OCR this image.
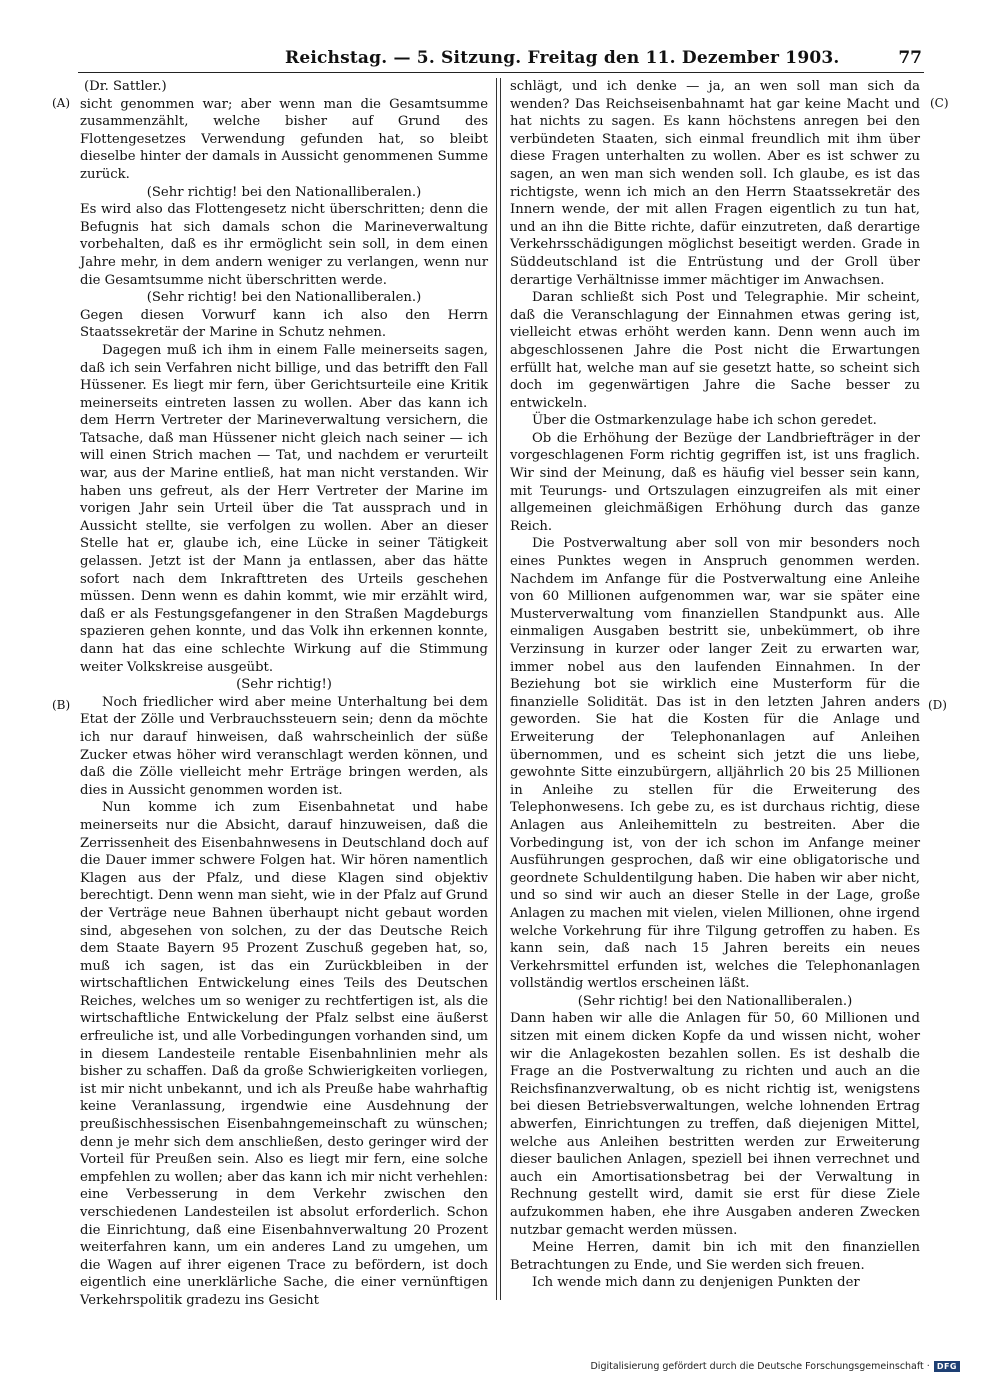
Reichstag. — 5. Sitzung. Freitag den 11. Dezember 1903.	77
(A)
(B)
(C)
(D)

(Dr. Sattler.)

sicht genommen war; aber wenn man die Gesamtsumme zusammenzählt, welche bisher auf Grund des Flottengesetzes Verwendung gefunden hat, so bleibt dieselbe hinter der damals in Aussicht genommenen Summe zurück.

(Sehr richtig! bei den Nationalliberalen.)

Es wird also das Flottengesetz nicht überschritten; denn die Befugnis hat sich damals schon die Marineverwaltung vorbehalten, daß es ihr ermöglicht sein soll, in dem einen Jahre mehr, in dem andern weniger zu verlangen, wenn nur die Gesamtsumme nicht überschritten werde.

(Sehr richtig! bei den Nationalliberalen.)

Gegen diesen Vorwurf kann ich also den Herrn Staatssekretär der Marine in Schutz nehmen.

Dagegen muß ich ihm in einem Falle meinerseits sagen, daß ich sein Verfahren nicht billige, und das betrifft den Fall Hüssener. Es liegt mir fern, über Gerichtsurteile eine Kritik meinerseits eintreten lassen zu wollen. Aber das kann ich dem Herrn Vertreter der Marineverwaltung versichern, die Tatsache, daß man Hüssener nicht gleich nach seiner — ich will einen Strich machen — Tat, und nachdem er verurteilt war, aus der Marine entließ, hat man nicht verstanden. Wir haben uns gefreut, als der Herr Vertreter der Marine im vorigen Jahr sein Urteil über die Tat aussprach und in Aussicht stellte, sie verfolgen zu wollen. Aber an dieser Stelle hat er, glaube ich, eine Lücke in seiner Tätigkeit gelassen. Jetzt ist der Mann ja entlassen, aber das hätte sofort nach dem Inkrafttreten des Urteils geschehen müssen. Denn wenn es dahin kommt, wie mir erzählt wird, daß er als Festungsgefangener in den Straßen Magdeburgs spazieren gehen konnte, und das Volk ihn erkennen konnte, dann hat das eine schlechte Wirkung auf die Stimmung weiter Volkskreise ausgeübt.

(Sehr richtig!)

Noch friedlicher wird aber meine Unterhaltung bei dem Etat der Zölle und Verbrauchssteuern sein; denn da möchte ich nur darauf hinweisen, daß wahrscheinlich der süße Zucker etwas höher wird veranschlagt werden können, und daß die Zölle vielleicht mehr Erträge bringen werden, als dies in Aussicht genommen worden ist.

Nun komme ich zum Eisenbahnetat und habe meinerseits nur die Absicht, darauf hinzuweisen, daß die Zerrissenheit des Eisenbahnwesens in Deutschland doch auf die Dauer immer schwere Folgen hat. Wir hören namentlich Klagen aus der Pfalz, und diese Klagen sind objektiv berechtigt. Denn wenn man sieht, wie in der Pfalz auf Grund der Verträge neue Bahnen überhaupt nicht gebaut worden sind, abgesehen von solchen, zu der das Deutsche Reich dem Staate Bayern 95 Prozent Zuschuß gegeben hat, so, muß ich sagen, ist das ein Zurückbleiben in der wirtschaftlichen Entwickelung eines Teils des Deutschen Reiches, welches um so weniger zu rechtfertigen ist, als die wirtschaftliche Entwickelung der Pfalz selbst eine äußerst erfreuliche ist, und alle Vorbedingungen vorhanden sind, um in diesem Landesteile rentable Eisenbahnlinien mehr als bisher zu schaffen. Daß da große Schwierigkeiten vorliegen, ist mir nicht unbekannt, und ich als Preuße habe wahrhaftig keine Veranlassung, irgendwie eine Ausdehnung der preußischhessischen Eisenbahngemeinschaft zu wünschen; denn je mehr sich dem anschließen, desto geringer wird der Vorteil für Preußen sein. Also es liegt mir fern, eine solche empfehlen zu wollen; aber das kann ich mir nicht verhehlen: eine Verbesserung in dem Verkehr zwischen den verschiedenen Landesteilen ist absolut erforderlich. Schon die Einrichtung, daß eine Eisenbahnverwaltung 20 Prozent weiterfahren kann, um ein anderes Land zu umgehen, um die Wagen auf ihrer eigenen Trace zu befördern, ist doch eigentlich eine unerklärliche Sache, die einer vernünftigen Verkehrspolitik gradezu ins Gesicht

schlägt, und ich denke — ja, an wen soll man sich da wenden? Das Reichseisenbahnamt hat gar keine Macht und hat nichts zu sagen. Es kann höchstens anregen bei den verbündeten Staaten, sich einmal freundlich mit ihm über diese Fragen unterhalten zu wollen. Aber es ist schwer zu sagen, an wen man sich wenden soll. Ich glaube, es ist das richtigste, wenn ich mich an den Herrn Staatssekretär des Innern wende, der mit allen Fragen eigentlich zu tun hat, und an ihn die Bitte richte, dafür einzutreten, daß derartige Verkehrsschädigungen möglichst beseitigt werden. Grade in Süddeutschland ist die Entrüstung und der Groll über derartige Verhältnisse immer mächtiger im Anwachsen.

Daran schließt sich Post und Telegraphie. Mir scheint, daß die Veranschlagung der Einnahmen etwas gering ist, vielleicht etwas erhöht werden kann. Denn wenn auch im abgeschlossenen Jahre die Post nicht die Erwartungen erfüllt hat, welche man auf sie gesetzt hatte, so scheint sich doch im gegenwärtigen Jahre die Sache besser zu entwickeln.

Über die Ostmarkenzulage habe ich schon geredet.

Ob die Erhöhung der Bezüge der Landbriefträger in der vorgeschlagenen Form richtig gegriffen ist, ist uns fraglich. Wir sind der Meinung, daß es häufig viel besser sein kann, mit Teurungs- und Ortszulagen einzugreifen als mit einer allgemeinen gleichmäßigen Erhöhung durch das ganze Reich.

Die Postverwaltung aber soll von mir besonders noch eines Punktes wegen in Anspruch genommen werden. Nachdem im Anfange für die Postverwaltung eine Anleihe von 60 Millionen aufgenommen war, war sie später eine Musterverwaltung vom finanziellen Standpunkt aus. Alle einmaligen Ausgaben bestritt sie, unbekümmert, ob ihre Verzinsung in kurzer oder langer Zeit zu erwarten war, immer nobel aus den laufenden Einnahmen. In der Beziehung bot sie wirklich eine Musterform für die finanzielle Solidität. Das ist in den letzten Jahren anders geworden. Sie hat die Kosten für die Anlage und Erweiterung der Telephonanlagen auf Anleihen übernommen, und es scheint sich jetzt die uns liebe, gewohnte Sitte einzubürgern, alljährlich 20 bis 25 Millionen in Anleihe zu stellen für die Erweiterung des Telephonwesens. Ich gebe zu, es ist durchaus richtig, diese Anlagen aus Anleihemitteln zu bestreiten. Aber die Vorbedingung ist, von der ich schon im Anfange meiner Ausführungen gesprochen, daß wir eine obligatorische und geordnete Schuldentilgung haben. Die haben wir aber nicht, und so sind wir auch an dieser Stelle in der Lage, große Anlagen zu machen mit vielen, vielen Millionen, ohne irgend welche Vorkehrung für ihre Tilgung getroffen zu haben. Es kann sein, daß nach 15 Jahren bereits ein neues Verkehrsmittel erfunden ist, welches die Telephonanlagen vollständig wertlos erscheinen läßt.

(Sehr richtig! bei den Nationalliberalen.)

Dann haben wir alle die Anlagen für 50, 60 Millionen und sitzen mit einem dicken Kopfe da und wissen nicht, woher wir die Anlagekosten bezahlen sollen. Es ist deshalb die Frage an die Postverwaltung zu richten und auch an die Reichsfinanzverwaltung, ob es nicht richtig ist, wenigstens bei diesen Betriebsverwaltungen, welche lohnenden Ertrag abwerfen, Einrichtungen zu treffen, daß diejenigen Mittel, welche aus Anleihen bestritten werden zur Erweiterung dieser baulichen Anlagen, speziell bei ihnen verrechnet und auch ein Amortisationsbetrag bei der Verwaltung in Rechnung gestellt wird, damit sie erst für diese Ziele aufzukommen haben, ehe ihre Ausgaben anderen Zwecken nutzbar gemacht werden müssen.

Meine Herren, damit bin ich mit den finanziellen Betrachtungen zu Ende, und Sie werden sich freuen.

Ich wende mich dann zu denjenigen Punkten der

Digitalisierung gefördert durch die Deutsche Forschungsgemeinschaft · DFG
